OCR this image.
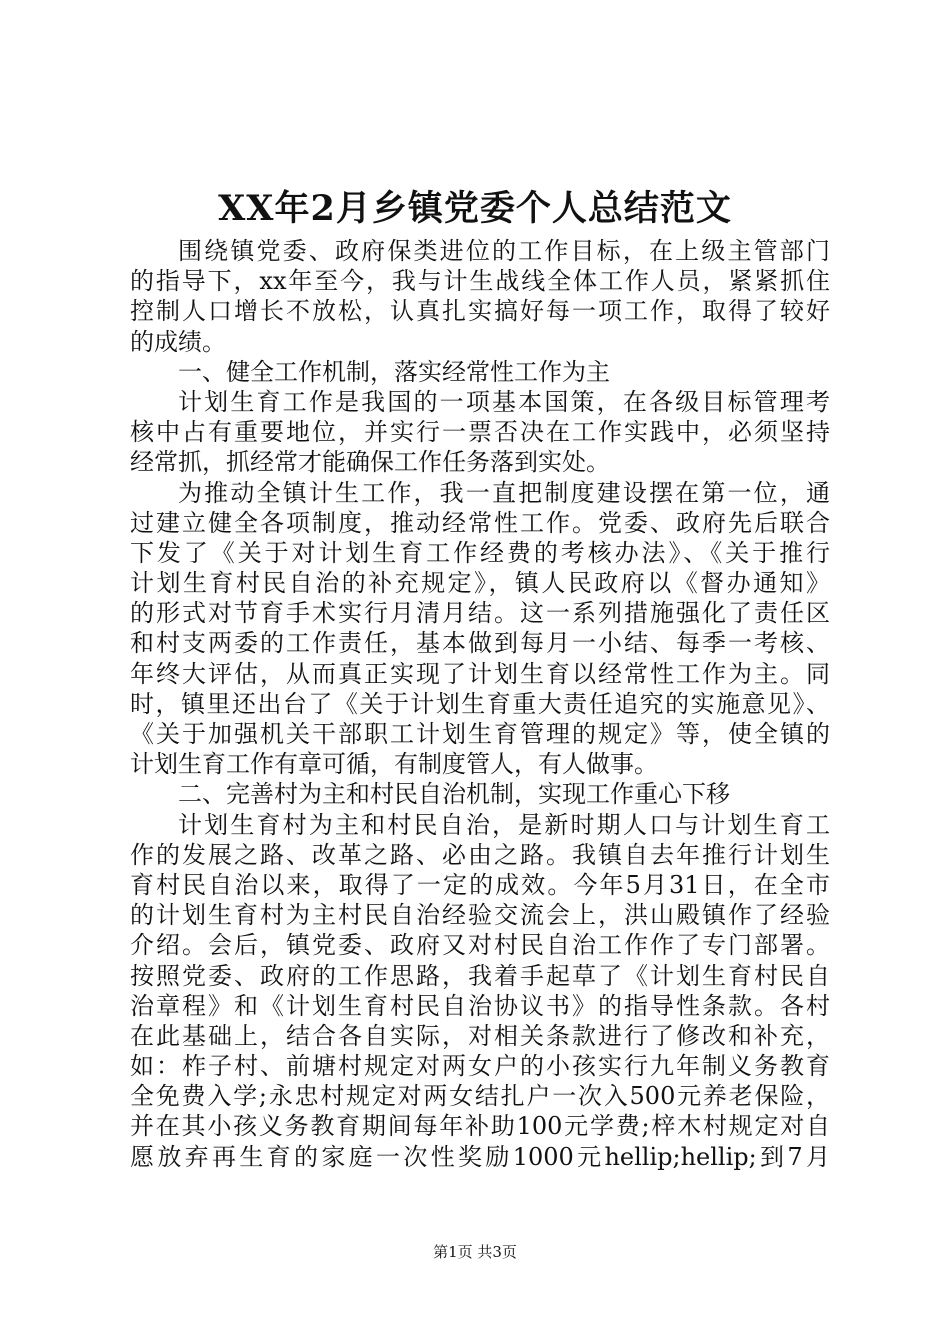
XX年2月乡镇党委个人总结范文
围绕镇党委、政府保类进位的工作目标，在上级主管部门
的指导下，xx年至今，我与计生战线全体工作人员，紧紧抓住
控制人口增长不放松，认真扎实搞好每一项工作，取得了较好
的成绩。
一、健全工作机制，落实经常性工作为主
计划生育工作是我国的一项基本国策，在各级目标管理考
核中占有重要地位，并实行一票否决在工作实践中，必须坚持
经常抓，抓经常才能确保工作任务落到实处。
为推动全镇计生工作，我一直把制度建设摆在第一位，通
过建立健全各项制度，推动经常性工作。党委、政府先后联合
下发了《关于对计划生育工作经费的考核办法》、《关于推行
计划生育村民自治的补充规定》，镇人民政府以《督办通知》
的形式对节育手术实行月清月结。这一系列措施强化了责任区
和村支两委的工作责任，基本做到每月一小结、每季一考核、
年终大评估，从而真正实现了计划生育以经常性工作为主。同
时，镇里还出台了《关于计划生育重大责任追究的实施意见》、
《关于加强机关干部职工计划生育管理的规定》等，使全镇的
计划生育工作有章可循，有制度管人，有人做事。
二、完善村为主和村民自治机制，实现工作重心下移
计划生育村为主和村民自治，是新时期人口与计划生育工
作的发展之路、改革之路、必由之路。我镇自去年推行计划生
育村民自治以来，取得了一定的成效。今年5月31日，在全市
的计划生育村为主村民自治经验交流会上，洪山殿镇作了经验
介绍。会后，镇党委、政府又对村民自治工作作了专门部署。
按照党委、政府的工作思路，我着手起草了《计划生育村民自
治章程》和《计划生育村民自治协议书》的指导性条款。各村
在此基础上，结合各自实际，对相关条款进行了修改和补充，
如：柞子村、前塘村规定对两女户的小孩实行九年制义务教育
全免费入学;永忠村规定对两女结扎户一次入500元养老保险，
并在其小孩义务教育期间每年补助100元学费;梓木村规定对自
愿放弃再生育的家庭一次性奖励1000元hellip;hellip;到7月
第1页 共3页
